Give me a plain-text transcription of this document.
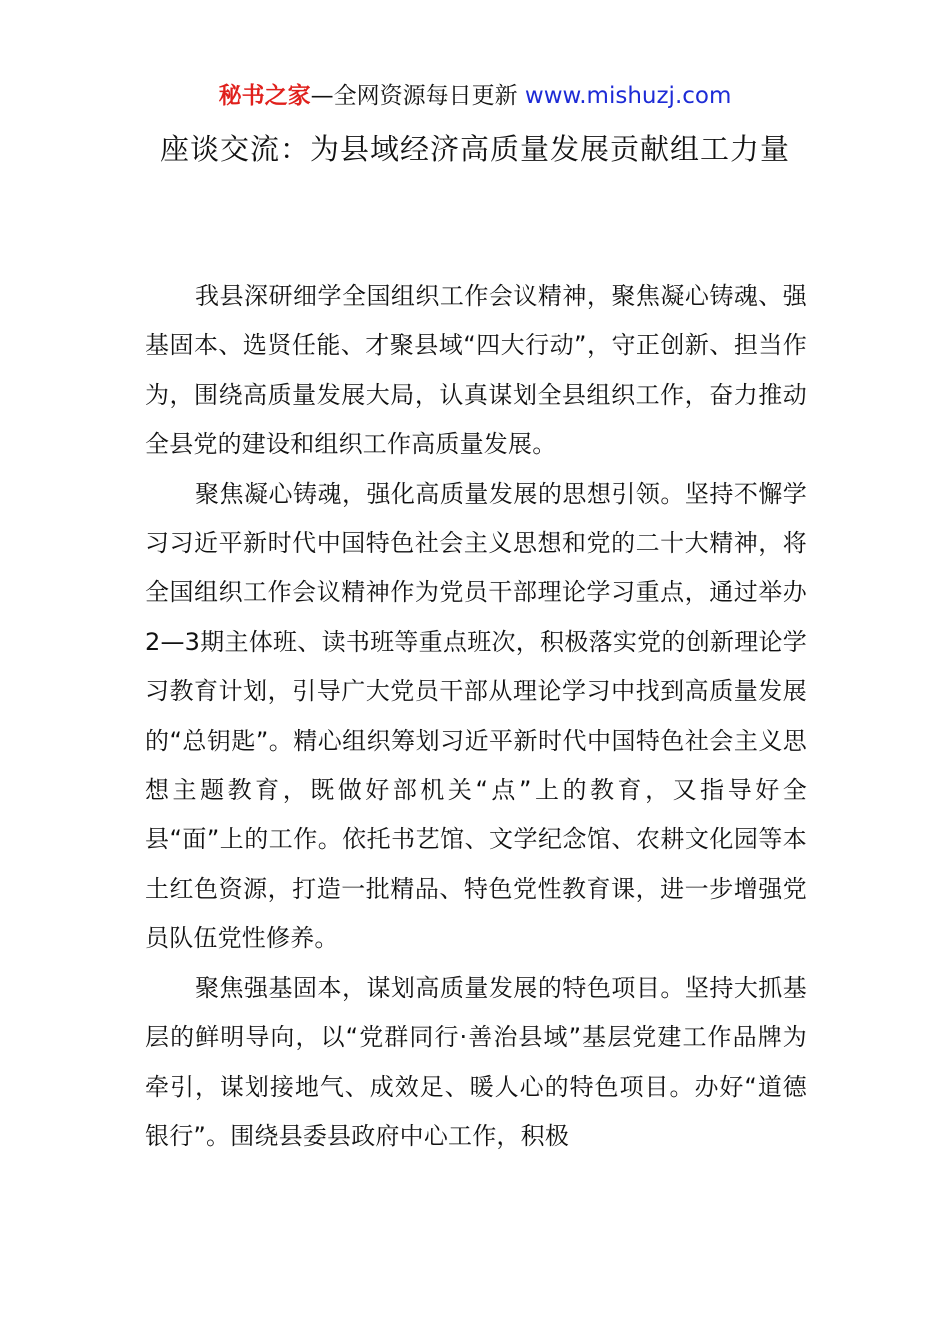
秘书之家—全网资源每日更新 www.mishuzj.com
座谈交流：为县域经济高质量发展贡献组工力量

我县深研细学全国组织工作会议精神，聚焦凝心铸魂、强基固本、选贤任能、才聚县域“四大行动”，守正创新、担当作为，围绕高质量发展大局，认真谋划全县组织工作，奋力推动全县党的建设和组织工作高质量发展。

聚焦凝心铸魂，强化高质量发展的思想引领。坚持不懈学习习近平新时代中国特色社会主义思想和党的二十大精神，将全国组织工作会议精神作为党员干部理论学习重点，通过举办2—3期主体班、读书班等重点班次，积极落实党的创新理论学习教育计划，引导广大党员干部从理论学习中找到高质量发展的“总钥匙”。精心组织筹划习近平新时代中国特色社会主义思想主题教育，既做好部机关“点”上的教育，又指导好全县“面”上的工作。依托书艺馆、文学纪念馆、农耕文化园等本土红色资源，打造一批精品、特色党性教育课，进一步增强党员队伍党性修养。

聚焦强基固本，谋划高质量发展的特色项目。坚持大抓基层的鲜明导向，以“党群同行·善治县域”基层党建工作品牌为牵引，谋划接地气、成效足、暖人心的特色项目。办好“道德银行”。围绕县委县政府中心工作，积极
